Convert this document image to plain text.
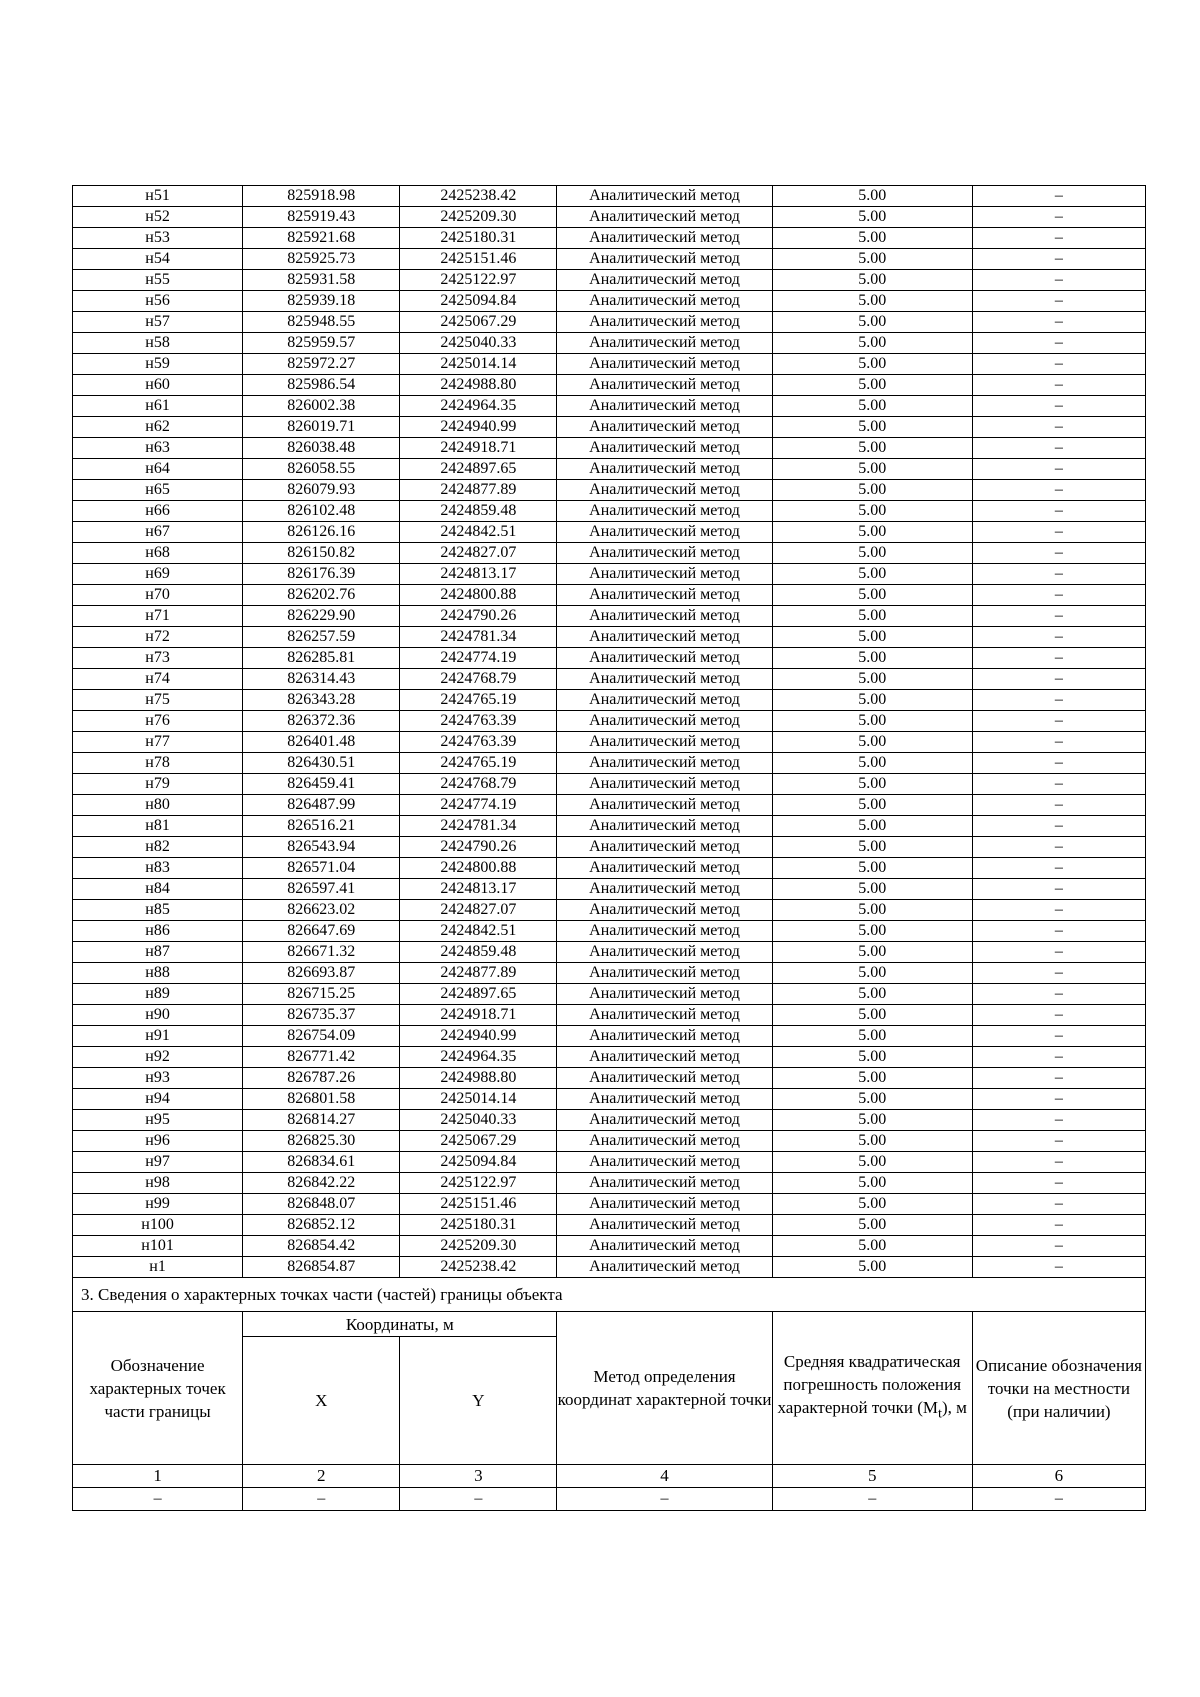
н51	825918.98	2425238.42	Аналитический метод	5.00	–
н52	825919.43	2425209.30	Аналитический метод	5.00	–
н53	825921.68	2425180.31	Аналитический метод	5.00	–
н54	825925.73	2425151.46	Аналитический метод	5.00	–
н55	825931.58	2425122.97	Аналитический метод	5.00	–
н56	825939.18	2425094.84	Аналитический метод	5.00	–
н57	825948.55	2425067.29	Аналитический метод	5.00	–
н58	825959.57	2425040.33	Аналитический метод	5.00	–
н59	825972.27	2425014.14	Аналитический метод	5.00	–
н60	825986.54	2424988.80	Аналитический метод	5.00	–
н61	826002.38	2424964.35	Аналитический метод	5.00	–
н62	826019.71	2424940.99	Аналитический метод	5.00	–
н63	826038.48	2424918.71	Аналитический метод	5.00	–
н64	826058.55	2424897.65	Аналитический метод	5.00	–
н65	826079.93	2424877.89	Аналитический метод	5.00	–
н66	826102.48	2424859.48	Аналитический метод	5.00	–
н67	826126.16	2424842.51	Аналитический метод	5.00	–
н68	826150.82	2424827.07	Аналитический метод	5.00	–
н69	826176.39	2424813.17	Аналитический метод	5.00	–
н70	826202.76	2424800.88	Аналитический метод	5.00	–
н71	826229.90	2424790.26	Аналитический метод	5.00	–
н72	826257.59	2424781.34	Аналитический метод	5.00	–
н73	826285.81	2424774.19	Аналитический метод	5.00	–
н74	826314.43	2424768.79	Аналитический метод	5.00	–
н75	826343.28	2424765.19	Аналитический метод	5.00	–
н76	826372.36	2424763.39	Аналитический метод	5.00	–
н77	826401.48	2424763.39	Аналитический метод	5.00	–
н78	826430.51	2424765.19	Аналитический метод	5.00	–
н79	826459.41	2424768.79	Аналитический метод	5.00	–
н80	826487.99	2424774.19	Аналитический метод	5.00	–
н81	826516.21	2424781.34	Аналитический метод	5.00	–
н82	826543.94	2424790.26	Аналитический метод	5.00	–
н83	826571.04	2424800.88	Аналитический метод	5.00	–
н84	826597.41	2424813.17	Аналитический метод	5.00	–
н85	826623.02	2424827.07	Аналитический метод	5.00	–
н86	826647.69	2424842.51	Аналитический метод	5.00	–
н87	826671.32	2424859.48	Аналитический метод	5.00	–
н88	826693.87	2424877.89	Аналитический метод	5.00	–
н89	826715.25	2424897.65	Аналитический метод	5.00	–
н90	826735.37	2424918.71	Аналитический метод	5.00	–
н91	826754.09	2424940.99	Аналитический метод	5.00	–
н92	826771.42	2424964.35	Аналитический метод	5.00	–
н93	826787.26	2424988.80	Аналитический метод	5.00	–
н94	826801.58	2425014.14	Аналитический метод	5.00	–
н95	826814.27	2425040.33	Аналитический метод	5.00	–
н96	826825.30	2425067.29	Аналитический метод	5.00	–
н97	826834.61	2425094.84	Аналитический метод	5.00	–
н98	826842.22	2425122.97	Аналитический метод	5.00	–
н99	826848.07	2425151.46	Аналитический метод	5.00	–
н100	826852.12	2425180.31	Аналитический метод	5.00	–
н101	826854.42	2425209.30	Аналитический метод	5.00	–
н1	826854.87	2425238.42	Аналитический метод	5.00	–
3. Сведения о характерных точках части (частей) границы объекта					
Обозначение характерных точек части границы	Координаты, м		Метод определения координат характерной точки	Средняя квадратическая погрешность положения характерной точки $(М_t)$, м	Описание обозначения точки на местности (при наличии)
	X	Y			
1	2	3	4	5	6
–	–	–	–	–	–
